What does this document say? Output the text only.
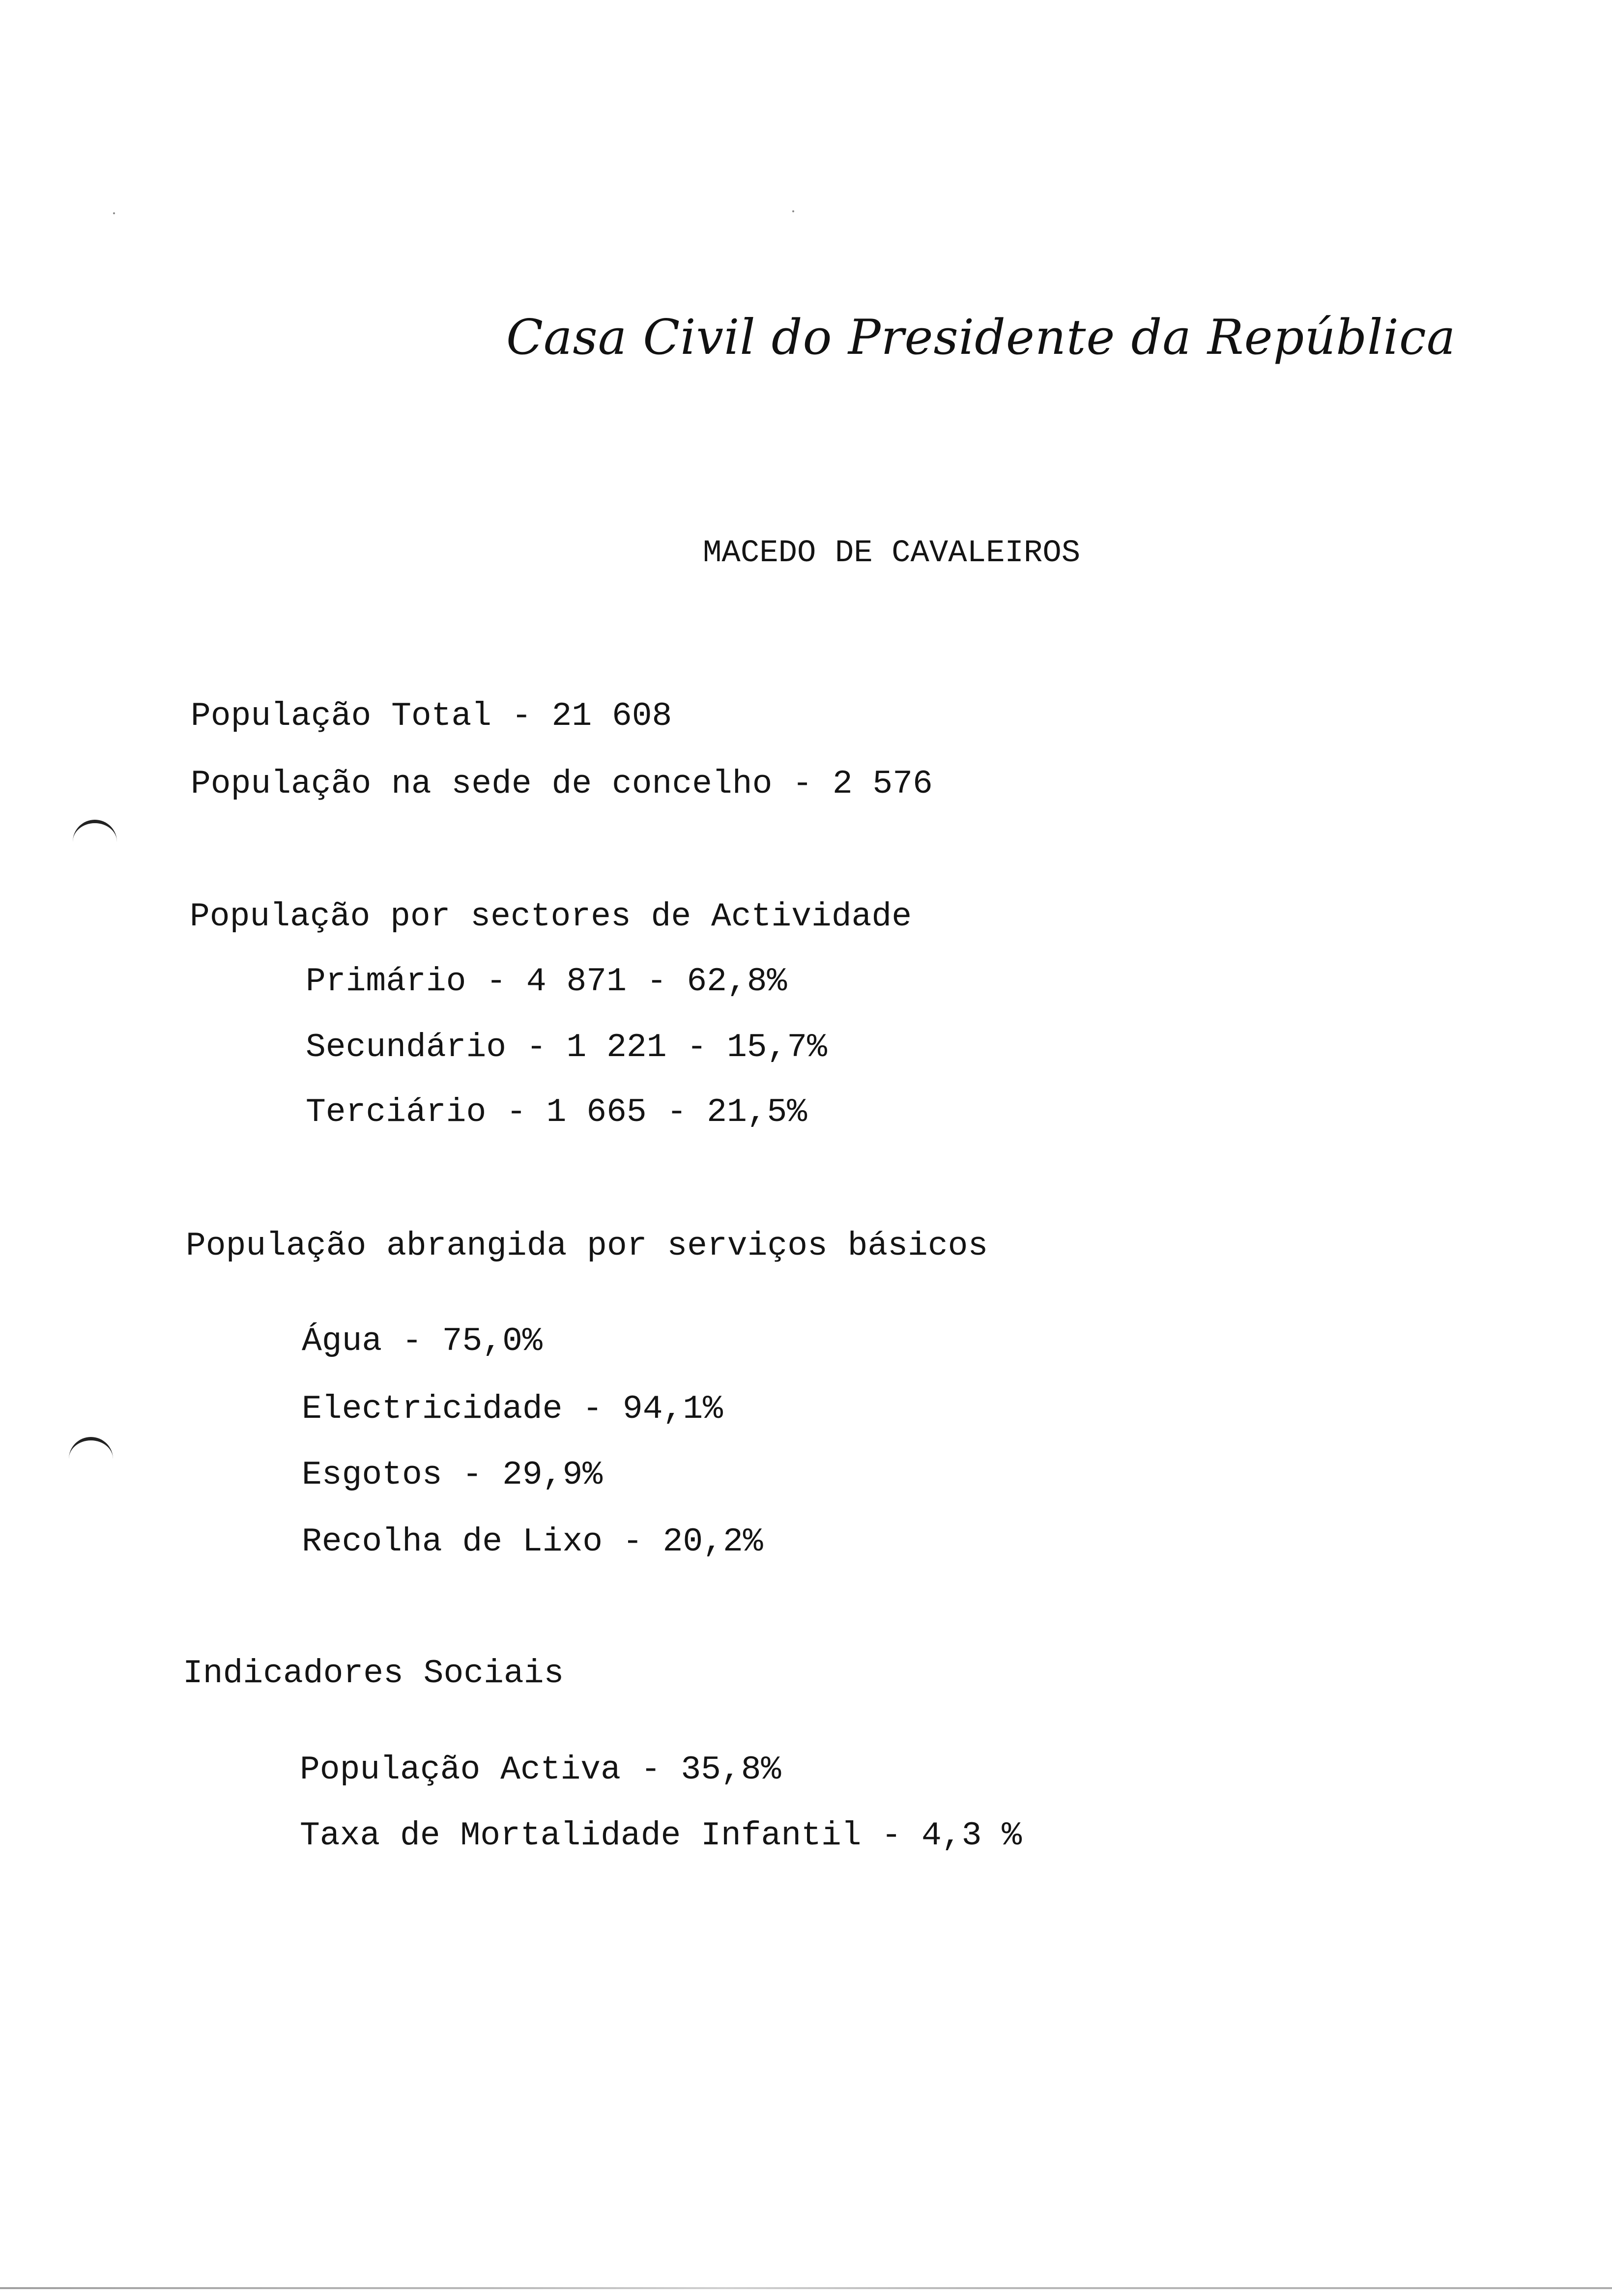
Casa Civil do Presidente da República
MACEDO DE CAVALEIROS
População Total - 21 608
População na sede de concelho - 2 576
População por sectores de Actividade
Primário - 4 871 - 62,8%
Secundário - 1 221 - 15,7%
Terciário - 1 665 - 21,5%
População abrangida por serviços básicos
Água - 75,0%
Electricidade - 94,1%
Esgotos - 29,9%
Recolha de Lixo - 20,2%
Indicadores Sociais
População Activa - 35,8%
Taxa de Mortalidade Infantil - 4,3 %
